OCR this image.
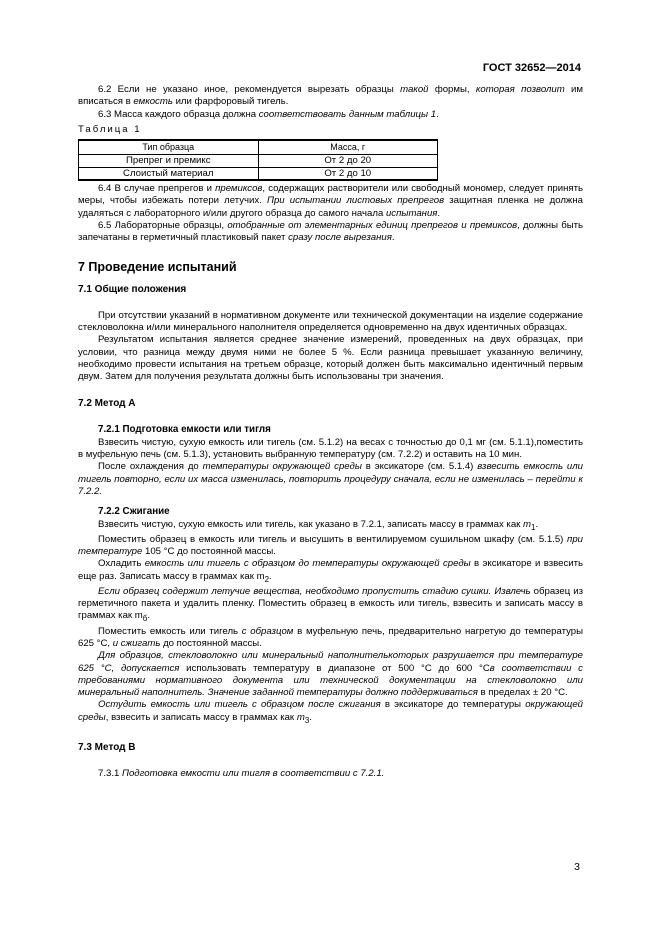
ГОСТ 32652—2014

6.2 Если не указано иное, рекомендуется вырезать образцы такой формы, которая позволит им вписаться в емкость или фарфоровый тигель.

6.3 Масса каждого образца должна соответствовать данным таблицы 1.

Таблица 1
Тип образца	Масса, г
Препрег и премикс	От 2 до 20
Слоистый материал	От 2 до 10

6.4 В случае препрегов и премиксов, содержащих растворители или свободный мономер, следует принять меры, чтобы избежать потери летучих. При испытании листовых препрегов защитная пленка не должна удаляться с лабораторного и/или другого образца до самого начала испытания.

6.5 Лабораторные образцы, отобранные от элементарных единиц препрегов и премиксов, должны быть запечатаны в герметичный пластиковый пакет сразу после вырезания.

7 Проведение испытаний
7.1 Общие положения

При отсутствии указаний в нормативном документе или технической документации на изделие содержание стекловолокна и/или минерального наполнителя определяется одновременно на двух идентичных образцах.

Результатом испытания является среднее значение измерений, проведенных на двух образцах, при условии, что разница между двумя ними не более 5 %. Если разница превышает указанную величину, необходимо провести испытания на третьем образце, который должен быть максимально идентичный первым двум. Затем для получения результата должны быть использованы три значения.

7.2 Метод А
7.2.1 Подготовка емкости или тигля

Взвесить чистую, сухую емкость или тигель (см. 5.1.2) на весах с точностью до 0,1 мг (см. 5.1.1),поместить в муфельную печь (см. 5.1.3), установить выбранную температуру (см. 7.2.2) и оставить на 10 мин.

После охлаждения до температуры окружающей среды в эксикаторе (см. 5.1.4) взвесить емкость или тигель повторно, если их масса изменилась, повторить процедуру сначала, если не изменилась – перейти к 7.2.2.

7.2.2 Сжигание

Взвесить чистую, сухую емкость или тигель, как указано в 7.2.1, записать массу в граммах как $m_1$.

Поместить образец в емкость или тигель и высушить в вентилируемом сушильном шкафу (см. 5.1.5) при температуре 105 °C до постоянной массы.

Охладить емкость или тигель с образцом до температуры окружающей среды в эксикаторе и взвесить еще раз. Записать массу в граммах как $m_2$.

Если образец содержит летучие вещества, необходимо пропустить стадию сушки. Извлечь образец из герметичного пакета и удалить пленку. Поместить образец в емкость или тигель, взвесить и записать массу в граммах как $m_б$.

Поместить емкость или тигель с образцом в муфельную печь, предварительно нагретую до температуры 625 °С, и сжигать до постоянной массы.

Для образцов, стекловолокно или минеральный наполнителькоторых разрушается при температуре 625 °С, допускается использовать температуру в диапазоне от 500 °С до 600 °Св соответствии с требованиями нормативного документа или технической документации на стекловолокно или минеральный наполнитель. Значение заданной температуры должно поддерживаться в пределах ± 20 °С.

Остудить емкость или тигель с образцом после сжигания в эксикаторе до температуры окружающей среды, взвесить и записать массу в граммах как $m_3$.

7.3 Метод В

7.3.1 Подготовка емкости или тигля в соответствии с 7.2.1.

3
